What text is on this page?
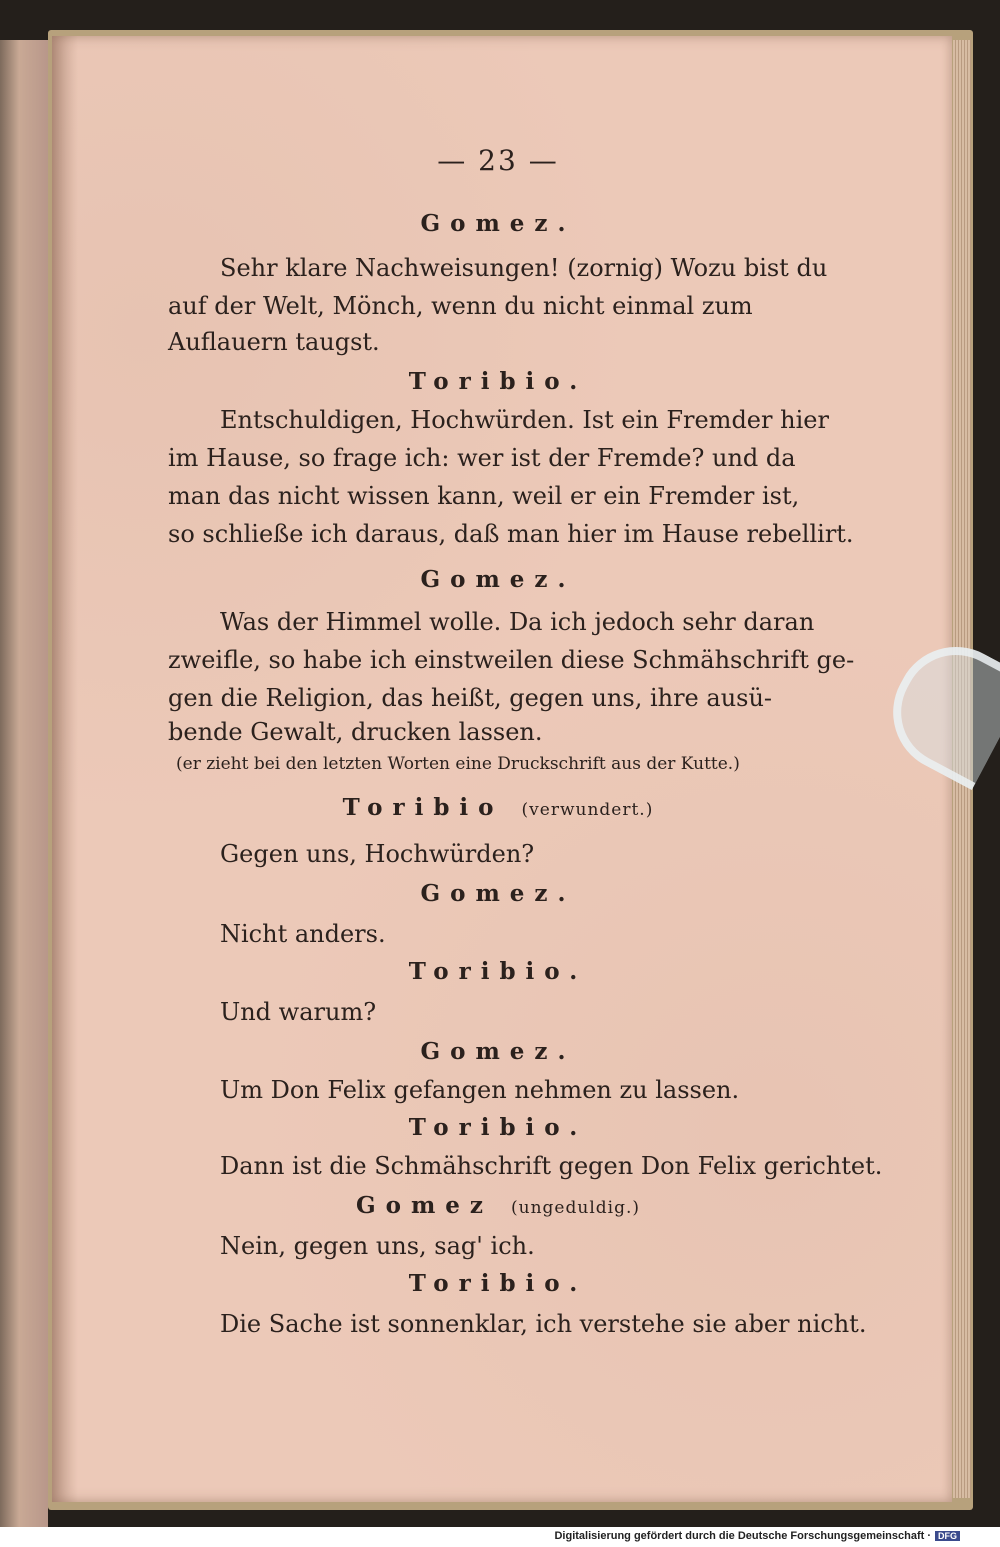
— 23 —
Gomez.
Sehr klare Nachweisungen! (zornig) Wozu bist du
auf der Welt, Mönch, wenn du nicht einmal zum
Auflauern taugst.
Toribio.
Entschuldigen, Hochwürden. Ist ein Fremder hier
im Hause, so frage ich: wer ist der Fremde? und da
man das nicht wissen kann, weil er ein Fremder ist,
so schließe ich daraus, daß man hier im Hause rebellirt.
Gomez.
Was der Himmel wolle. Da ich jedoch sehr daran
zweifle, so habe ich einstweilen diese Schmähschrift ge-
gen die Religion, das heißt, gegen uns, ihre ausü-
bende Gewalt, drucken lassen.
(er zieht bei den letzten Worten eine Druckschrift aus der Kutte.)
Toribio (verwundert.)
Gegen uns, Hochwürden?
Gomez.
Nicht anders.
Toribio.
Und warum?
Gomez.
Um Don Felix gefangen nehmen zu lassen.
Toribio.
Dann ist die Schmähschrift gegen Don Felix gerichtet.
Gomez (ungeduldig.)
Nein, gegen uns, sag' ich.
Toribio.
Die Sache ist sonnenklar, ich verstehe sie aber nicht.
Digitalisierung gefördert durch die Deutsche Forschungsgemeinschaft · DFG
